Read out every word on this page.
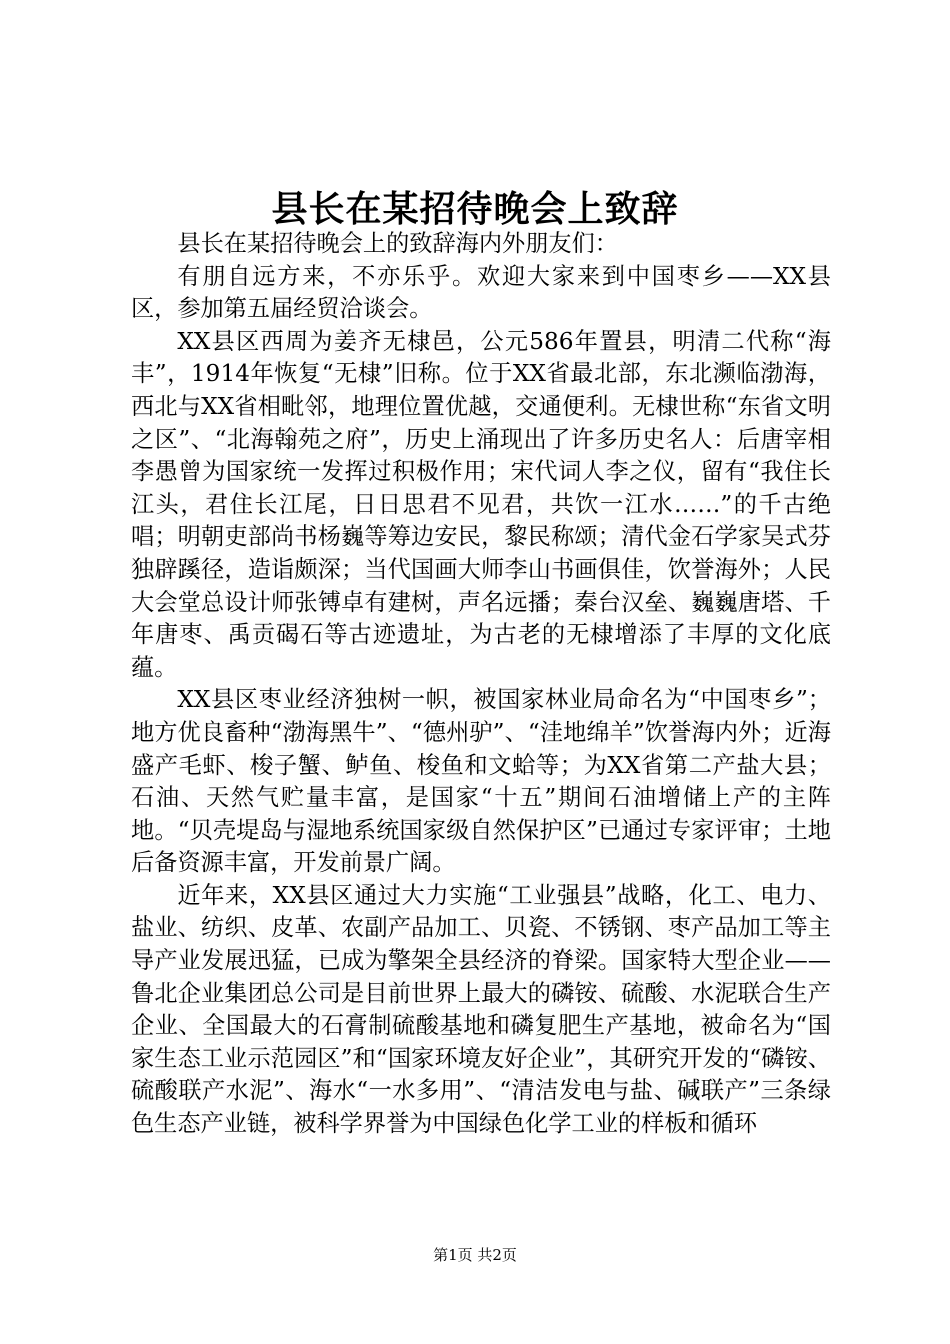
县长在某招待晚会上致辞

县长在某招待晚会上的致辞海内外朋友们：

有朋自远方来，不亦乐乎。欢迎大家来到中国枣乡——XX县区，参加第五届经贸洽谈会。

XX县区西周为姜齐无棣邑，公元586年置县，明清二代称“海丰”，1914年恢复“无棣”旧称。位于XX省最北部，东北濒临渤海，西北与XX省相毗邻，地理位置优越，交通便利。无棣世称“东省文明之区”、“北海翰苑之府”，历史上涌现出了许多历史名人：后唐宰相李愚曾为国家统一发挥过积极作用；宋代词人李之仪，留有“我住长江头，君住长江尾，日日思君不见君，共饮一江水……”的千古绝唱；明朝吏部尚书杨巍等筹边安民，黎民称颂；清代金石学家吴式芬独辟蹊径，造诣颇深；当代国画大师李山书画俱佳，饮誉海外；人民大会堂总设计师张镈卓有建树，声名远播；秦台汉垒、巍巍唐塔、千年唐枣、禹贡碣石等古迹遗址，为古老的无棣增添了丰厚的文化底蕴。

XX县区枣业经济独树一帜，被国家林业局命名为“中国枣乡”；地方优良畜种“渤海黑牛”、“德州驴”、“洼地绵羊”饮誉海内外；近海盛产毛虾、梭子蟹、鲈鱼、梭鱼和文蛤等；为XX省第二产盐大县；石油、天然气贮量丰富，是国家“十五”期间石油增储上产的主阵地。“贝壳堤岛与湿地系统国家级自然保护区”已通过专家评审；土地后备资源丰富，开发前景广阔。

近年来，XX县区通过大力实施“工业强县”战略，化工、电力、盐业、纺织、皮革、农副产品加工、贝瓷、不锈钢、枣产品加工等主导产业发展迅猛，已成为擎架全县经济的脊梁。国家特大型企业——鲁北企业集团总公司是目前世界上最大的磷铵、硫酸、水泥联合生产企业、全国最大的石膏制硫酸基地和磷复肥生产基地，被命名为“国家生态工业示范园区”和“国家环境友好企业”，其研究开发的“磷铵、硫酸联产水泥”、海水“一水多用”、“清洁发电与盐、碱联产”三条绿色生态产业链，被科学界誉为中国绿色化学工业的样板和循环

第1页 共2页
